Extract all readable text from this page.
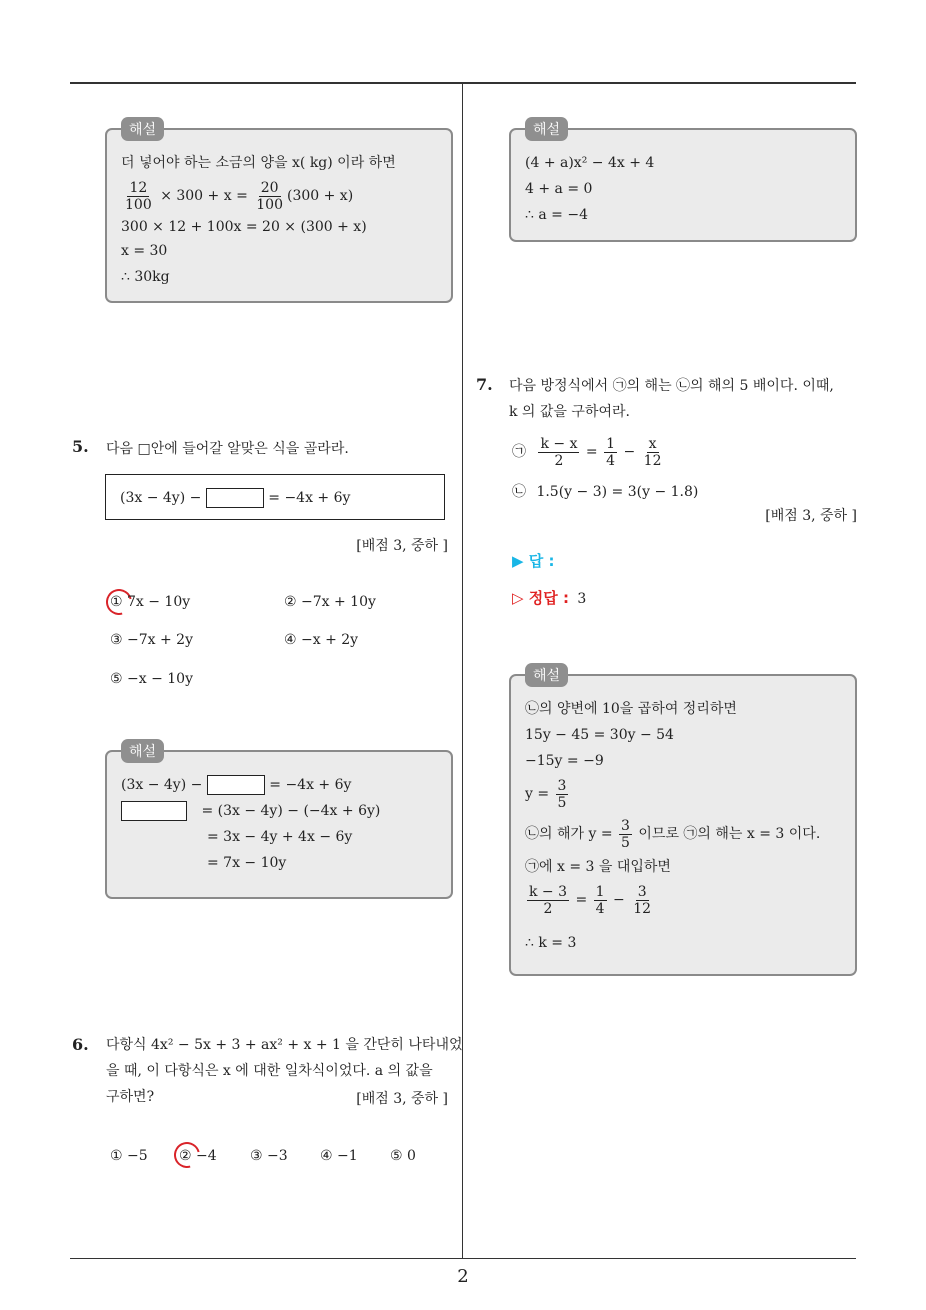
해설
더 넣어야 하는 소금의 양을 x( kg) 이라 하면
$\frac{12}{100} \times 300 + x = \frac{20}{100} (300 + x)$
300 × 12 + 100x = 20 × (300 + x)
x = 30
∴ 30kg
5. 다음 □안에 들어갈 알맞은 식을 골라라.
(3x − 4y) −	= −4x + 6y
[배점 3, 중하 ]
① 7x − 10y	② −7x + 10y
③ −7x + 2y	④ −x + 2y
⑤ −x − 10y
해설
(3x − 4y) −	= −4x + 6y
= (3x − 4y) − (−4x + 6y)
= 3x − 4y + 4x − 6y
= 7x − 10y
6. 다항식 4x² − 5x + 3 + ax² + x + 1 을 간단히 나타내었
을 때, 이 다항식은 x 에 대한 일차식이었다. a 의 값을
구하면?	[배점 3, 중하 ]
① −5 ② −4 ③ −3 ④ −1 ⑤ 0
해설
(4 + a)x² − 4x + 4
4 + a = 0
∴ a = −4
7. 다음 방정식에서 ㉠의 해는 ㉡의 해의 5 배이다. 이때,
k 의 값을 구하여라.
㉠ $\frac{k - x}{2} = \frac{1}{4} - \frac{x}{12}$
㉡ 1.5(y − 3) = 3(y − 1.8)
[배점 3, 중하 ]
▶ 답 :
▷ 정답 : 3
해설
㉡의 양변에 10을 곱하여 정리하면
15y − 45 = 30y − 54
−15y = −9
$y = \frac{3}{5}$
㉡의 해가 $y = \frac{3}{5}$ 이므로 ㉠의 해는 x = 3 이다.
㉠에 x = 3 을 대입하면
$\frac{k - 3}{2} = \frac{1}{4} - \frac{3}{12}$
∴ k = 3
2
